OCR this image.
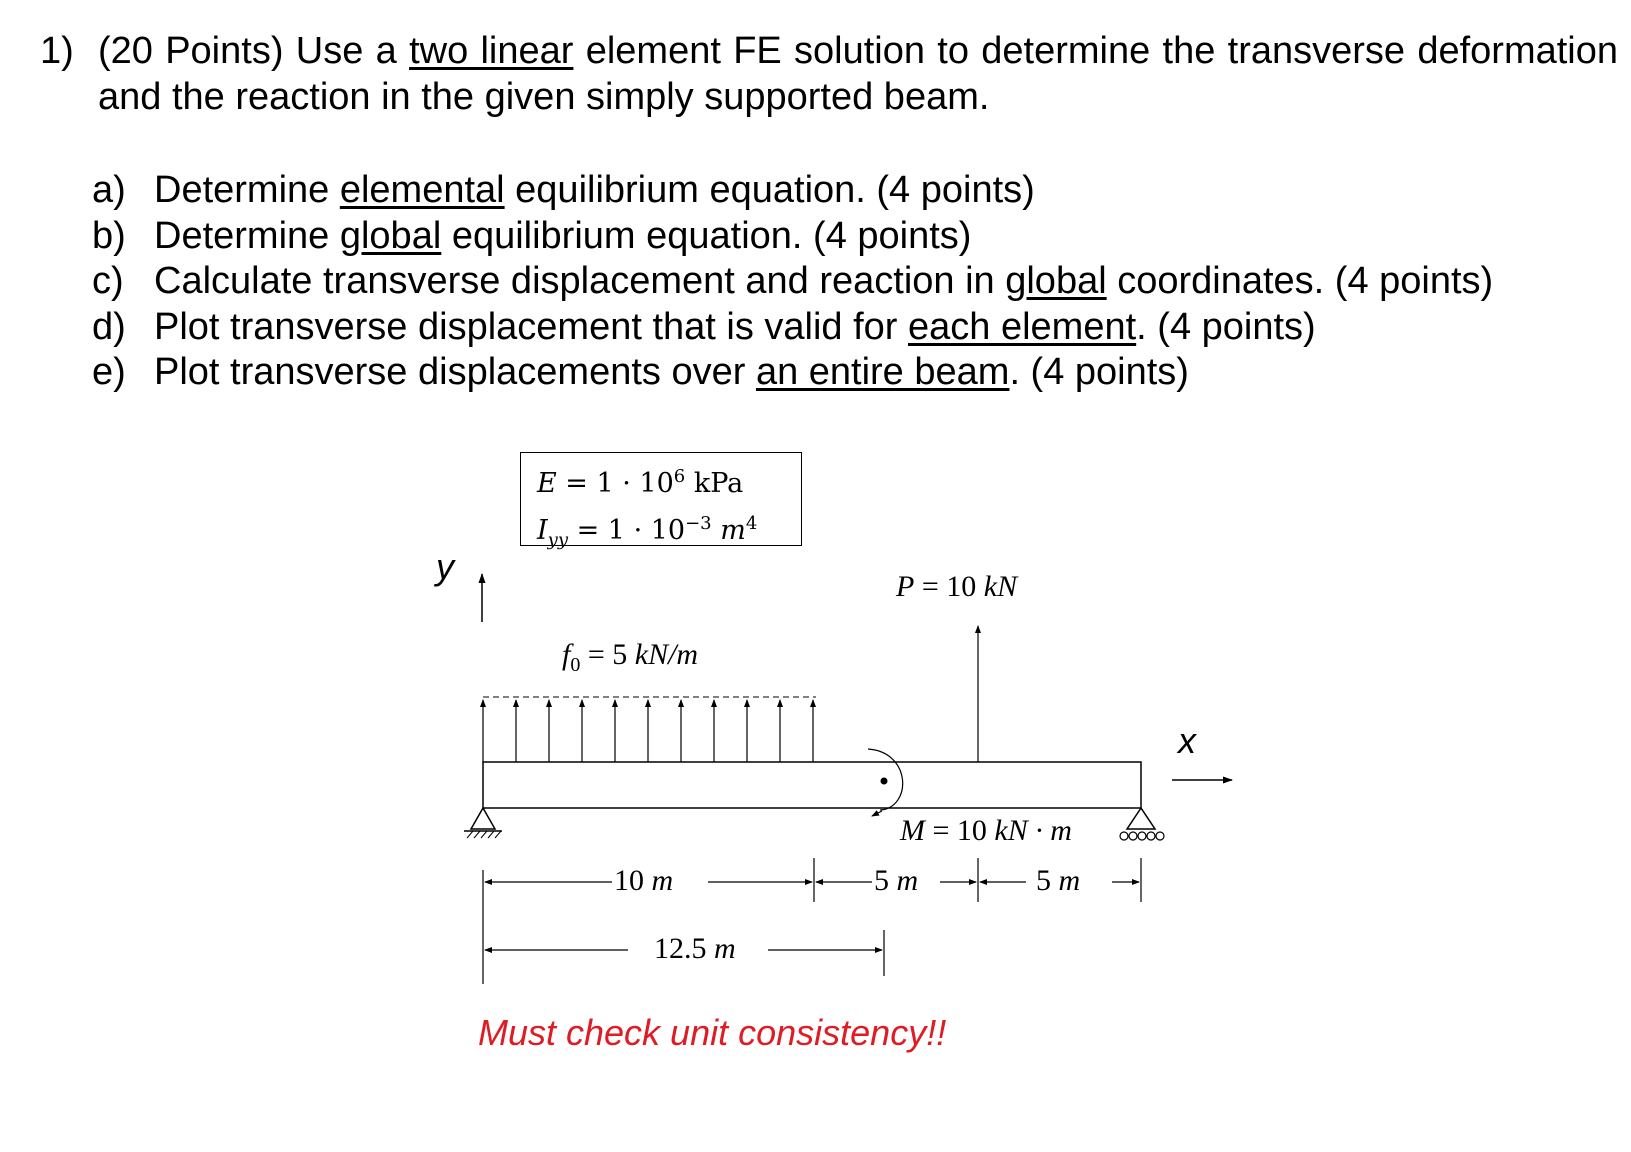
1) (20 Points) Use a two linear element FE solution to determine the transverse deformation and the reaction in the given simply supported beam.
a) Determine elemental equilibrium equation. (4 points)
b) Determine global equilibrium equation. (4 points)
c) Calculate transverse displacement and reaction in global coordinates. (4 points)
d) Plot transverse displacement that is valid for each element . (4 points)
e) Plot transverse displacements over an entire beam . (4 points)
$E = 1 \cdot 10^6$ kPa
$I_{yy} = 1 \cdot 10^{-3}$ $m^4$
y
x
$f_0 = 5$ kN/m
P = 10 kN
M = 10 kN · m
10 m	5 m	5 m
12.5 m
Must check unit consistency!!
